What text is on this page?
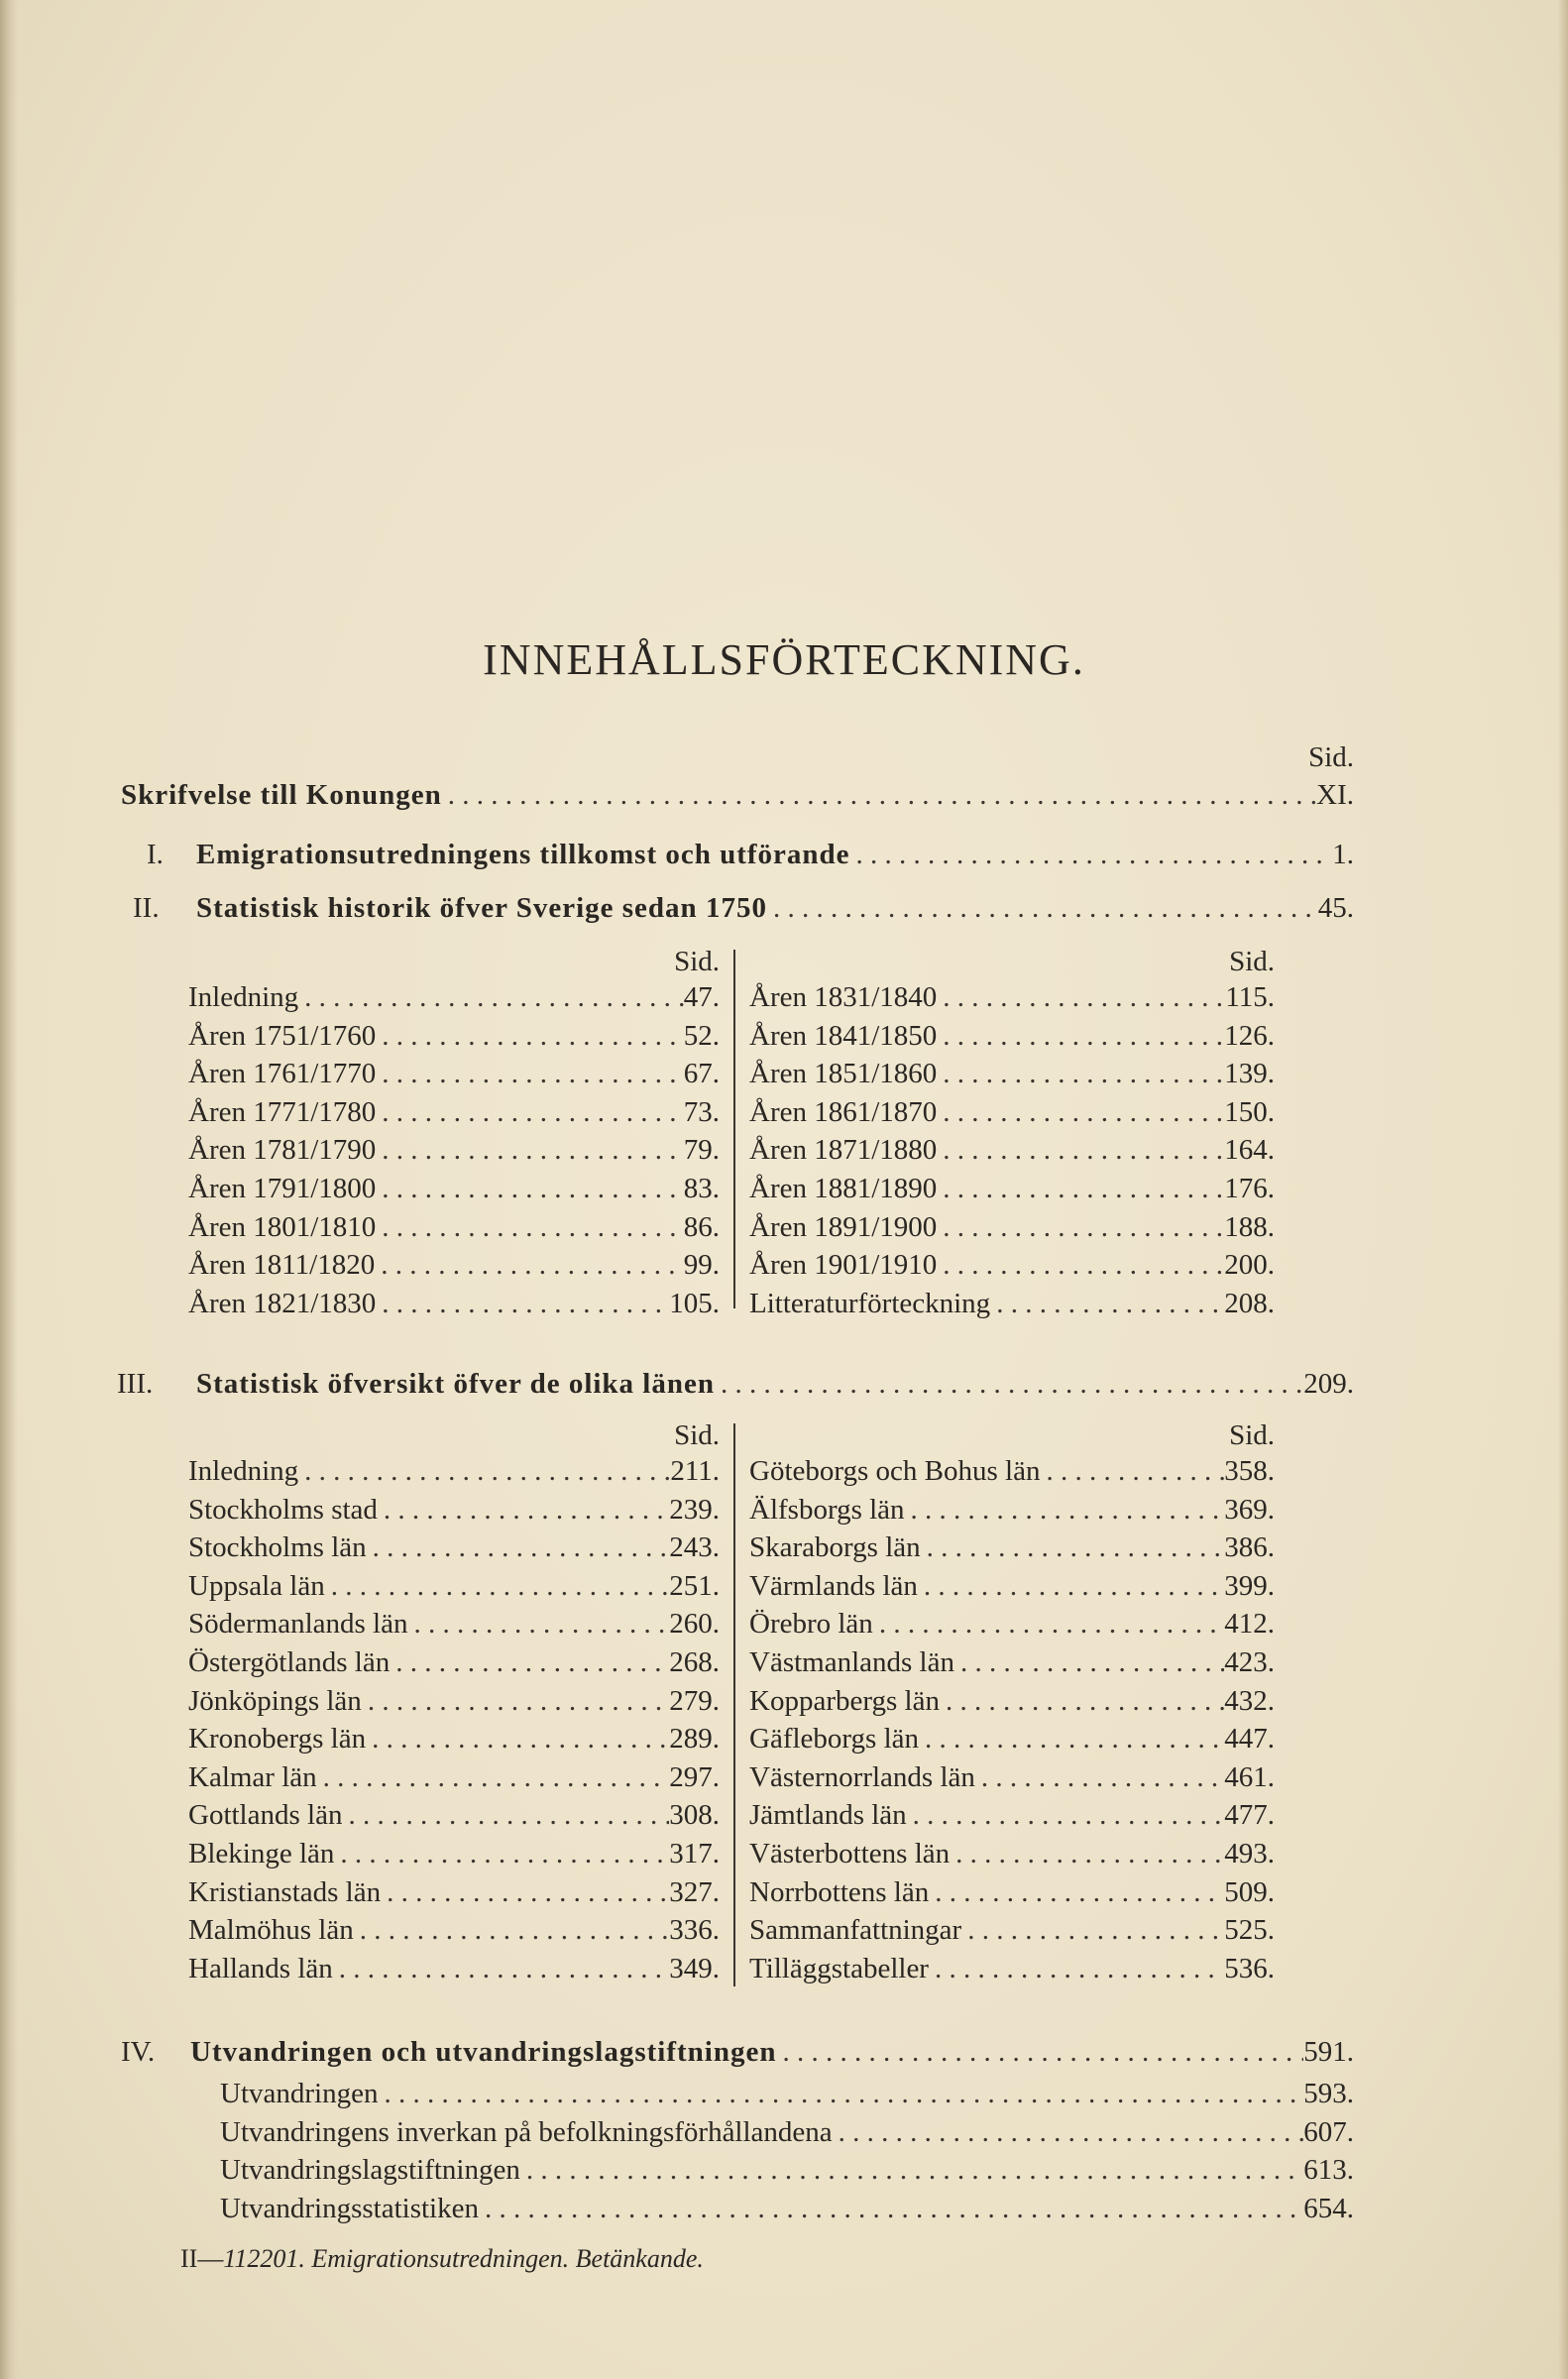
INNEHÅLLSFÖRTECKNING.
Sid.
Skrifvelse till Konungen . . .	XI.
I. Emigrationsutredningens tillkomst och utförande . . .	1.
II. Statistisk historik öfver Sverige sedan 1750 . . .	45.
Sid.	Sid.
Inledning . . .	47.
Åren 1751/1760 . . .	52.
Åren 1761/1770 . . .	67.
Åren 1771/1780 . . .	73.
Åren 1781/1790 . . .	79.
Åren 1791/1800 . . .	83.
Åren 1801/1810 . . .	86.
Åren 1811/1820 . . .	99.
Åren 1821/1830 . . .	105.
Åren 1831/1840 . . .	115.
Åren 1841/1850 . . .	126.
Åren 1851/1860 . . .	139.
Åren 1861/1870 . . .	150.
Åren 1871/1880 . . .	164.
Åren 1881/1890 . . .	176.
Åren 1891/1900 . . .	188.
Åren 1901/1910 . . .	200.
Litteraturförteckning . . .	208.
III. Statistisk öfversikt öfver de olika länen . . .	209.
Sid.	Sid.
Inledning . . .	211.
Stockholms stad . . .	239.
Stockholms län . . .	243.
Uppsala län . . .	251.
Södermanlands län . . .	260.
Östergötlands län . . .	268.
Jönköpings län . . .	279.
Kronobergs län . . .	289.
Kalmar län . . .	297.
Gottlands län . . .	308.
Blekinge län . . .	317.
Kristianstads län . . .	327.
Malmöhus län . . .	336.
Hallands län . . .	349.
Göteborgs och Bohus län . . .	358.
Älfsborgs län . . .	369.
Skaraborgs län . . .	386.
Värmlands län . . .	399.
Örebro län . . .	412.
Västmanlands län . . .	423.
Kopparbergs län . . .	432.
Gäfleborgs län . . .	447.
Västernorrlands län . . .	461.
Jämtlands län . . .	477.
Västerbottens län . . .	493.
Norrbottens län . . .	509.
Sammanfattningar . . .	525.
Tilläggstabeller . . .	536.
IV. Utvandringen och utvandringslagstiftningen . . .	591.
Utvandringen . . .	593.
Utvandringens inverkan på befolkningsförhållandena . . .	607.
Utvandringslagstiftningen . . .	613.
Utvandringsstatistiken . . .	654.
II—112201. Emigrationsutredningen. Betänkande.
